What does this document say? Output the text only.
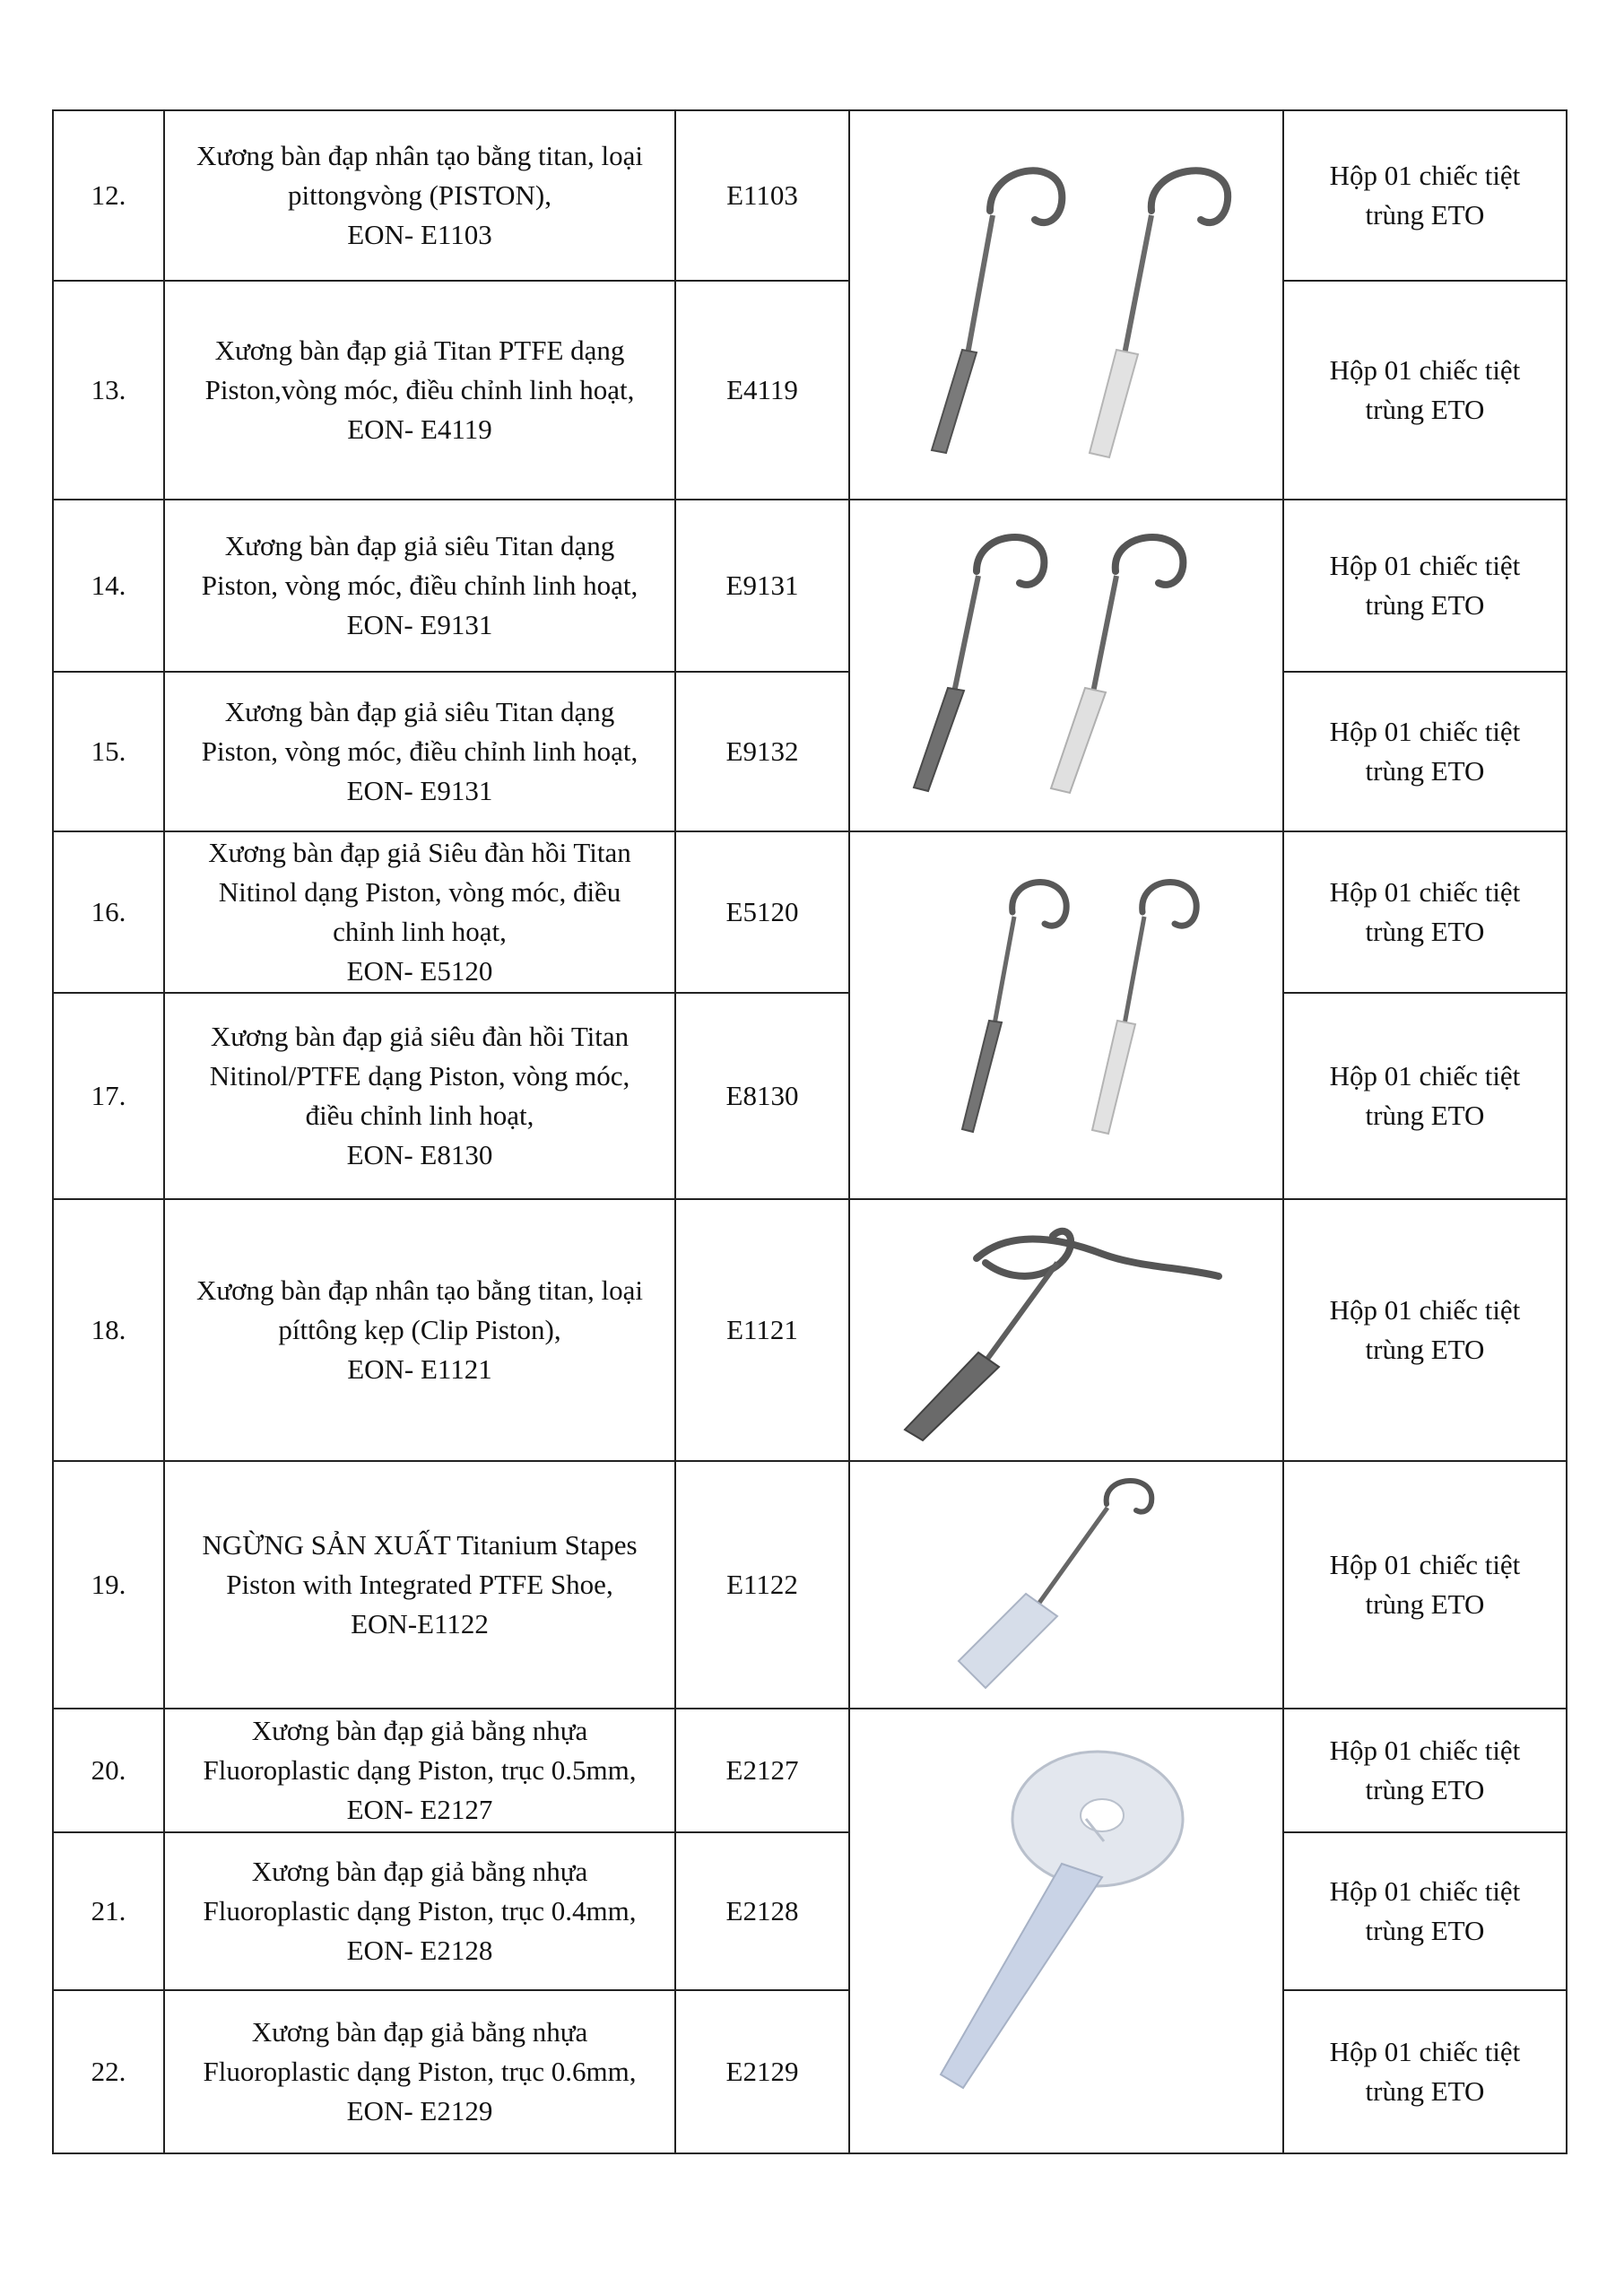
12.	Xương bàn đạp nhân tạo bằng titan, loại
pittongvòng (PISTON),
EON- E1103	E1103		Hộp 01 chiếc tiệt
trùng ETO

13.	Xương bàn đạp giả Titan PTFE dạng
Piston,vòng móc, điều chỉnh linh hoạt,
EON- E4119	E4119		Hộp 01 chiếc tiệt
trùng ETO

14.	Xương bàn đạp giả siêu Titan dạng
Piston, vòng móc, điều chỉnh linh hoạt,
EON- E9131	E9131		Hộp 01 chiếc tiệt
trùng ETO

15.	Xương bàn đạp giả siêu Titan dạng
Piston, vòng móc, điều chỉnh linh hoạt,
EON- E9131	E9132		Hộp 01 chiếc tiệt
trùng ETO

16.	Xương bàn đạp giả Siêu đàn hồi Titan
Nitinol dạng Piston, vòng móc, điều
chỉnh linh hoạt,
EON- E5120	E5120		Hộp 01 chiếc tiệt
trùng ETO

17.	Xương bàn đạp giả siêu đàn hồi Titan
Nitinol/PTFE dạng Piston, vòng móc,
điều chỉnh linh hoạt,
EON- E8130	E8130		Hộp 01 chiếc tiệt
trùng ETO

18.	Xương bàn đạp nhân tạo bằng titan, loại
píttông kẹp (Clip Piston),
EON- E1121	E1121		Hộp 01 chiếc tiệt
trùng ETO

19.	NGỪNG SẢN XUẤT Titanium Stapes
Piston with Integrated PTFE Shoe,
EON-E1122	E1122		Hộp 01 chiếc tiệt
trùng ETO

20.	Xương bàn đạp giả bằng nhựa
Fluoroplastic dạng Piston, trục 0.5mm,
EON- E2127	E2127		Hộp 01 chiếc tiệt
trùng ETO

21.	Xương bàn đạp giả bằng nhựa
Fluoroplastic dạng Piston, trục 0.4mm,
EON- E2128	E2128		Hộp 01 chiếc tiệt
trùng ETO

22.	Xương bàn đạp giả bằng nhựa
Fluoroplastic dạng Piston, trục 0.6mm,
EON- E2129	E2129		Hộp 01 chiếc tiệt
trùng ETO
